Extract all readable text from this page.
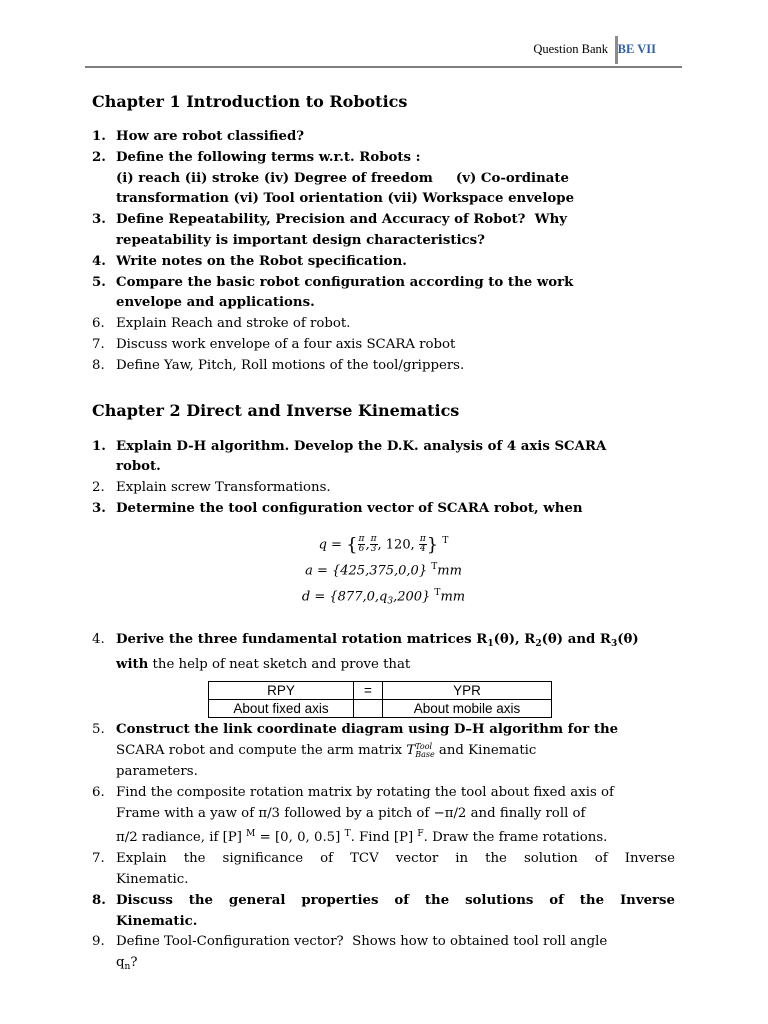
Question Bank BE VII
Chapter 1 Introduction to Robotics
1. How are robot classified?
2. Define the following terms w.r.t. Robots :
(i) reach (ii) stroke (iv) Degree of freedom     (v) Co-ordinate
transformation (vi) Tool orientation (vii) Workspace envelope
3. Define Repeatability, Precision and Accuracy of Robot?  Why
repeatability is important design characteristics?
4. Write notes on the Robot specification.
5. Compare the basic robot configuration according to the work
envelope and applications.
6. Explain Reach and stroke of robot.
7. Discuss work envelope of a four axis SCARA robot
8. Define Yaw, Pitch, Roll motions of the tool/grippers.
Chapter 2 Direct and Inverse Kinematics
1. Explain D-H algorithm. Develop the D.K. analysis of 4 axis SCARA
robot.
2. Explain screw Transformations.
3. Determine the tool configuration vector of SCARA robot, when
q = { $\frac{\pi}{6}$ , $\frac{\pi}{3}$ , 120, $\frac{\pi}{4}$ } $^T$
a = {425,375,0,0} $^T$mm
$d = \{877,0,q_3,200\}$ $^T$mm
4. Derive the three fundamental rotation matrices $R_1(\theta)$, $R_2(\theta)$ and $R_3(\theta)$
with the help of neat sketch and prove that
RPY	=	YPR
About fixed axis		About mobile axis
5. Construct the link coordinate diagram using D–H algorithm for the
SCARA robot and compute the arm matrix T Tool
Base and Kinematic
parameters.
6. Find the composite rotation matrix by rotating the tool about fixed axis of
Frame with a yaw of π/3 followed by a pitch of −π/2 and finally roll of
π/2 radiance, if [P] $^M$ = [0, 0, 0.5] $^T$. Find [P] $^F$. Draw the frame rotations.
7. Explain the significance of TCV vector in the solution of Inverse
Kinematic.
8. Discuss the general properties of the solutions of the Inverse
Kinematic.
9. Define Tool-Configuration vector?  Shows how to obtained tool roll angle
$q_n$?
